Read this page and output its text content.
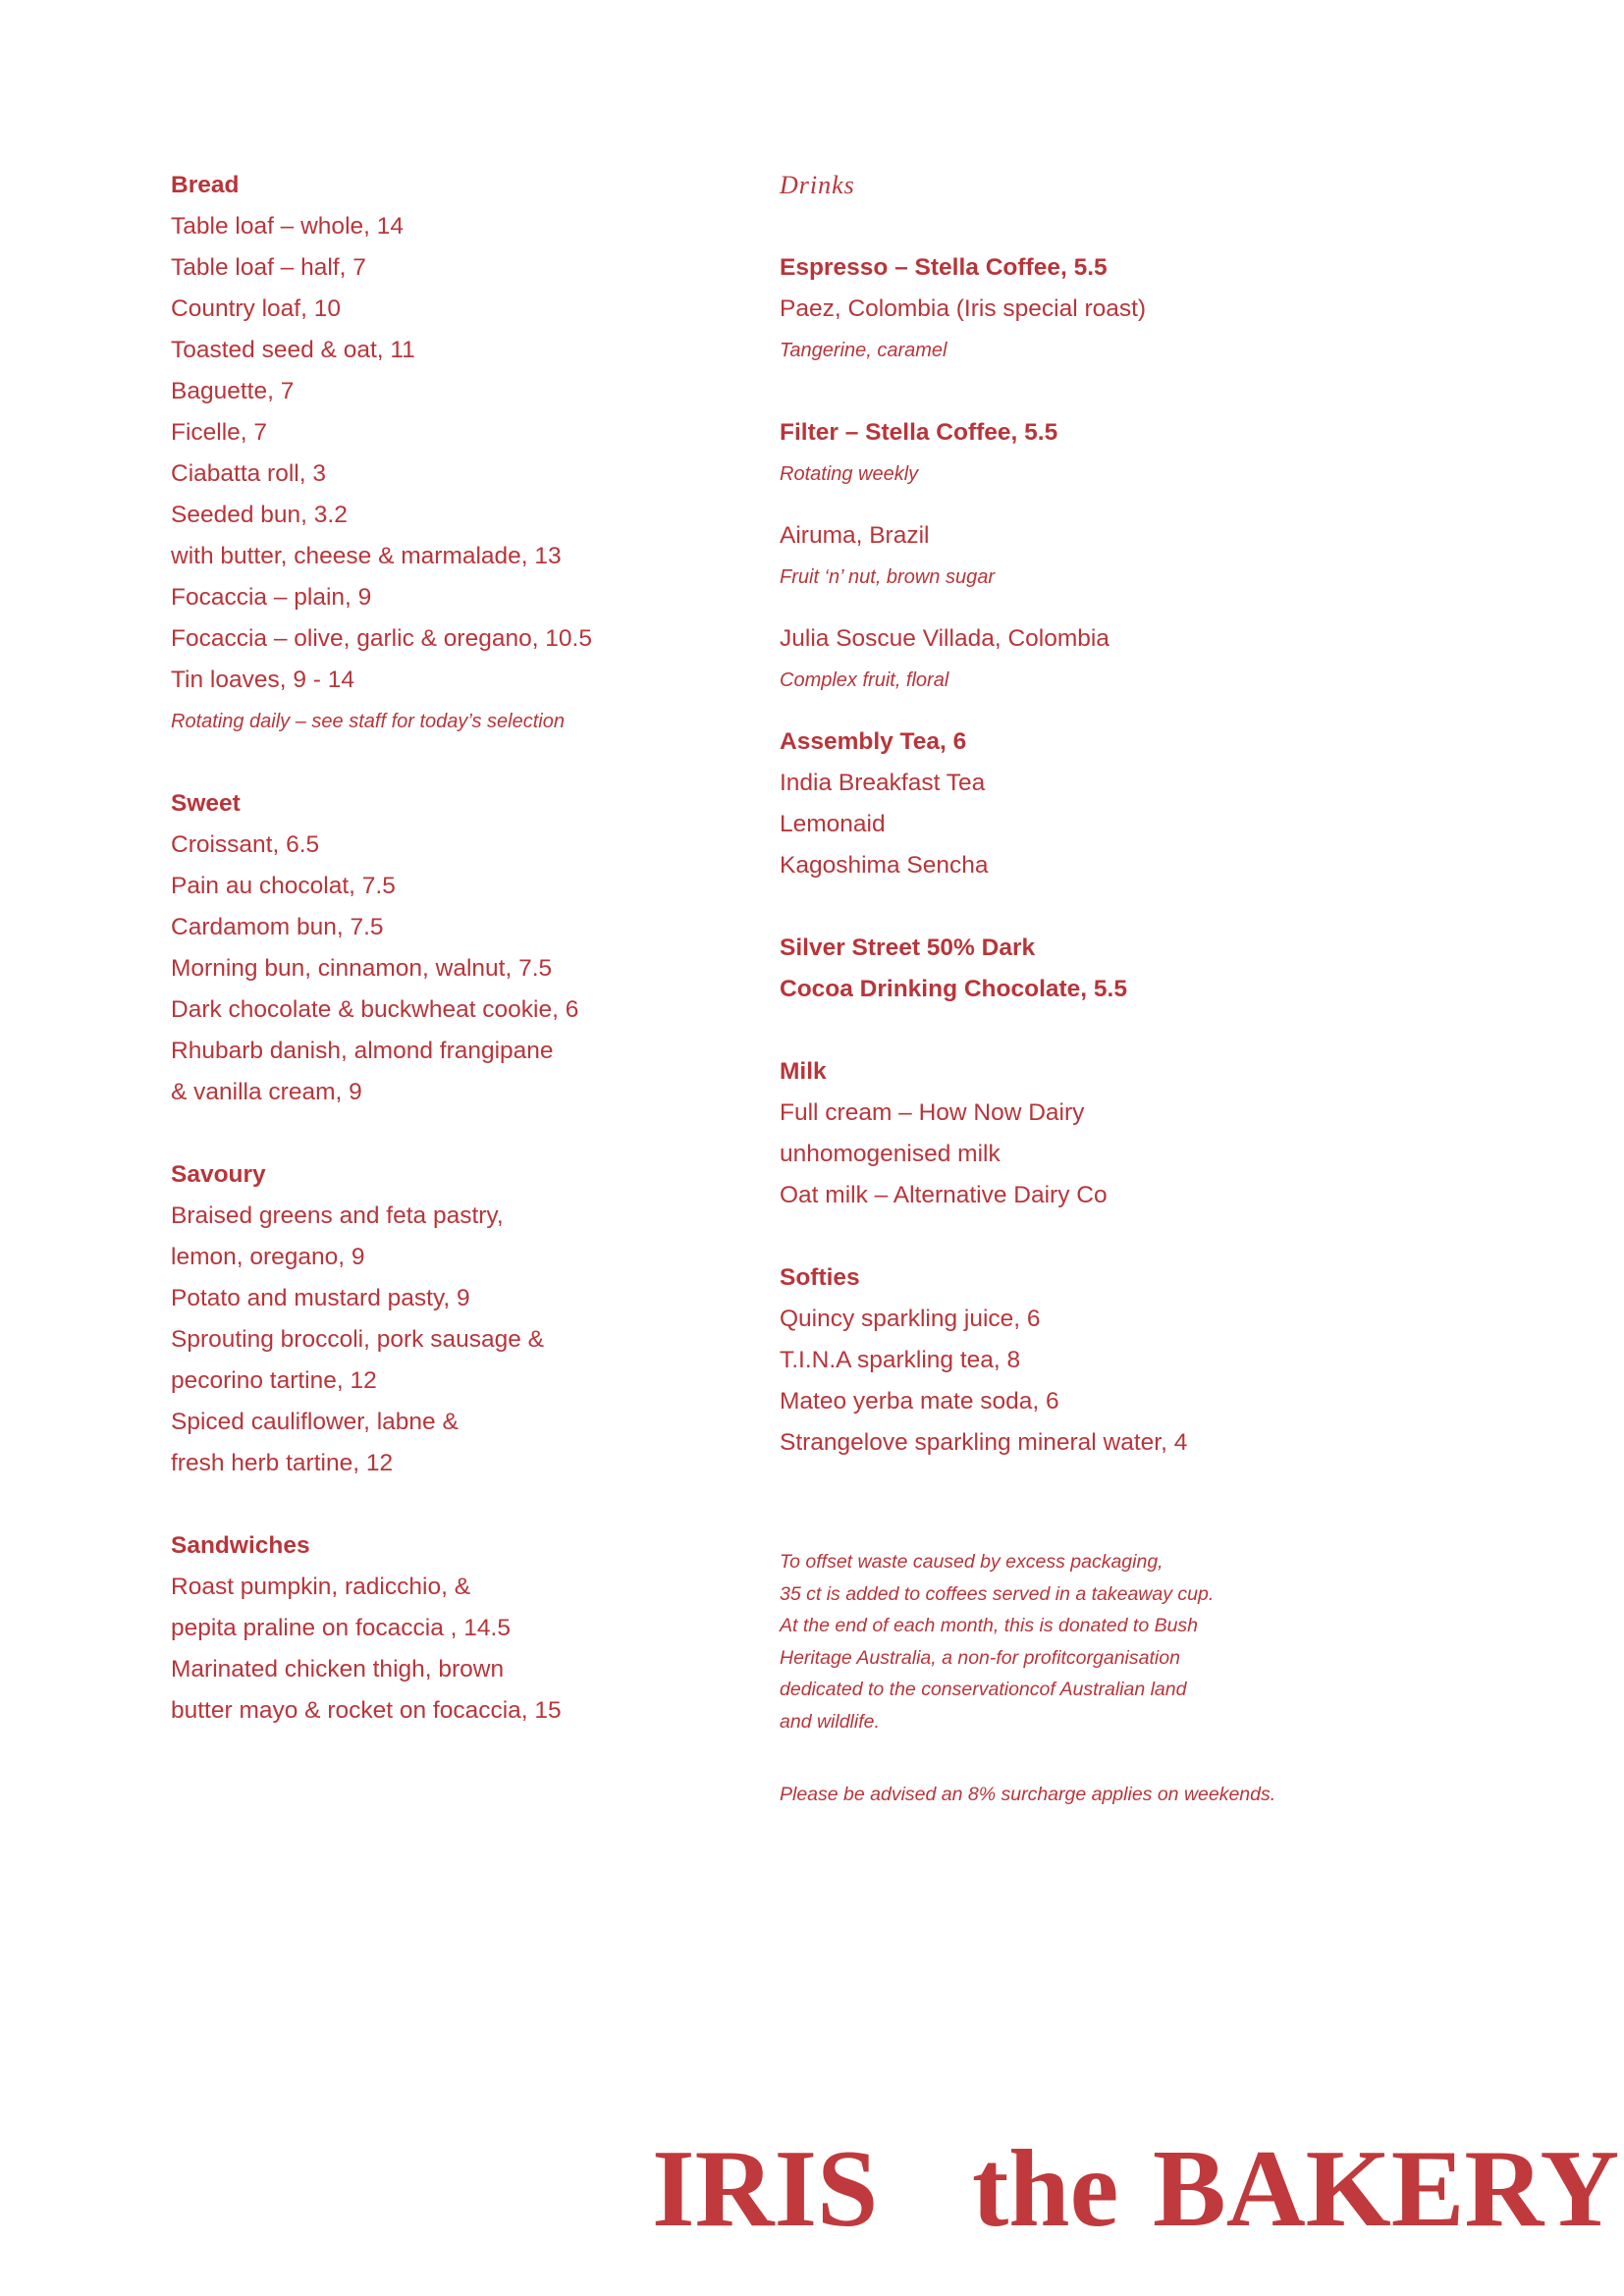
Bread
Table loaf – whole, 14
Table loaf – half, 7
Country loaf, 10
Toasted seed & oat, 11
Baguette, 7
Ficelle, 7
Ciabatta roll, 3
Seeded bun, 3.2
with butter, cheese & marmalade, 13
Focaccia – plain, 9
Focaccia – olive, garlic & oregano, 10.5
Tin loaves, 9 - 14
Rotating daily – see staff for today’s selection
Sweet
Croissant, 6.5
Pain au chocolat, 7.5
Cardamom bun, 7.5
Morning bun, cinnamon, walnut, 7.5
Dark chocolate & buckwheat cookie, 6
Rhubarb danish, almond frangipane
& vanilla cream, 9
Savoury
Braised greens and feta pastry,
lemon, oregano, 9
Potato and mustard pasty, 9
Sprouting broccoli, pork sausage &
pecorino tartine, 12
Spiced cauliflower, labne &
fresh herb tartine, 12
Sandwiches
Roast pumpkin, radicchio, &
pepita praline on focaccia , 14.5
Marinated chicken thigh, brown
butter mayo & rocket on focaccia, 15
Drinks
Espresso – Stella Coffee, 5.5
Paez, Colombia (Iris special roast)
Tangerine, caramel
Filter – Stella Coffee, 5.5
Rotating weekly
Airuma, Brazil
Fruit ‘n’ nut, brown sugar
Julia Soscue Villada, Colombia
Complex fruit, floral
Assembly Tea, 6
India Breakfast Tea
Lemonaid
Kagoshima Sencha
Silver Street 50% Dark
Cocoa Drinking Chocolate, 5.5
Milk
Full cream – How Now Dairy
unhomogenised milk
Oat milk – Alternative Dairy Co
Softies
Quincy sparkling juice, 6
T.I.N.A sparkling tea, 8
Mateo yerba mate soda, 6
Strangelove sparkling mineral water, 4
To offset waste caused by excess packaging,
35 ct is added to coffees served in a takeaway cup.
At the end of each month, this is donated to Bush
Heritage Australia, a non-for profitcorganisation
dedicated to the conservationcof Australian land
and wildlife.
Please be advised an 8% surcharge applies on weekends.
IRIS the BAKERY
